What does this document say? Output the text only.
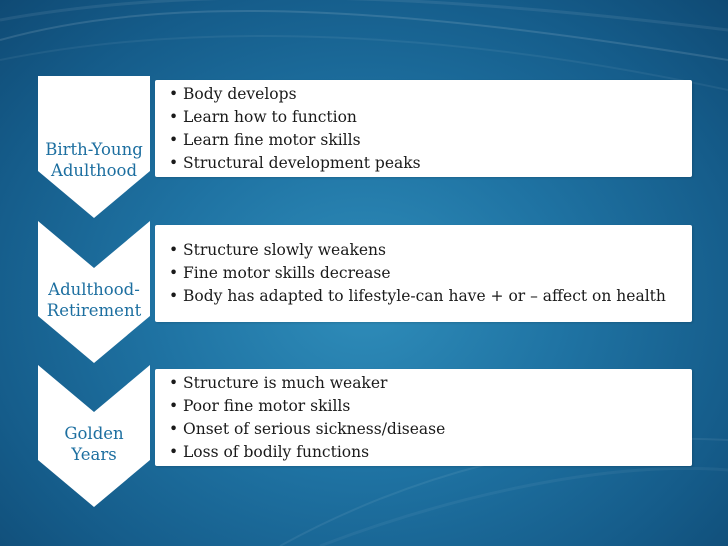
• Body develops
• Learn how to function
• Learn fine motor skills
• Structural development peaks
Birth-Young
Adulthood
• Structure slowly weakens
• Fine motor skills decrease
• Body has adapted to lifestyle-can have + or – affect on health
Adulthood-
Retirement
• Structure is much weaker
• Poor fine motor skills
• Onset of serious sickness/disease
• Loss of bodily functions
Golden
Years
